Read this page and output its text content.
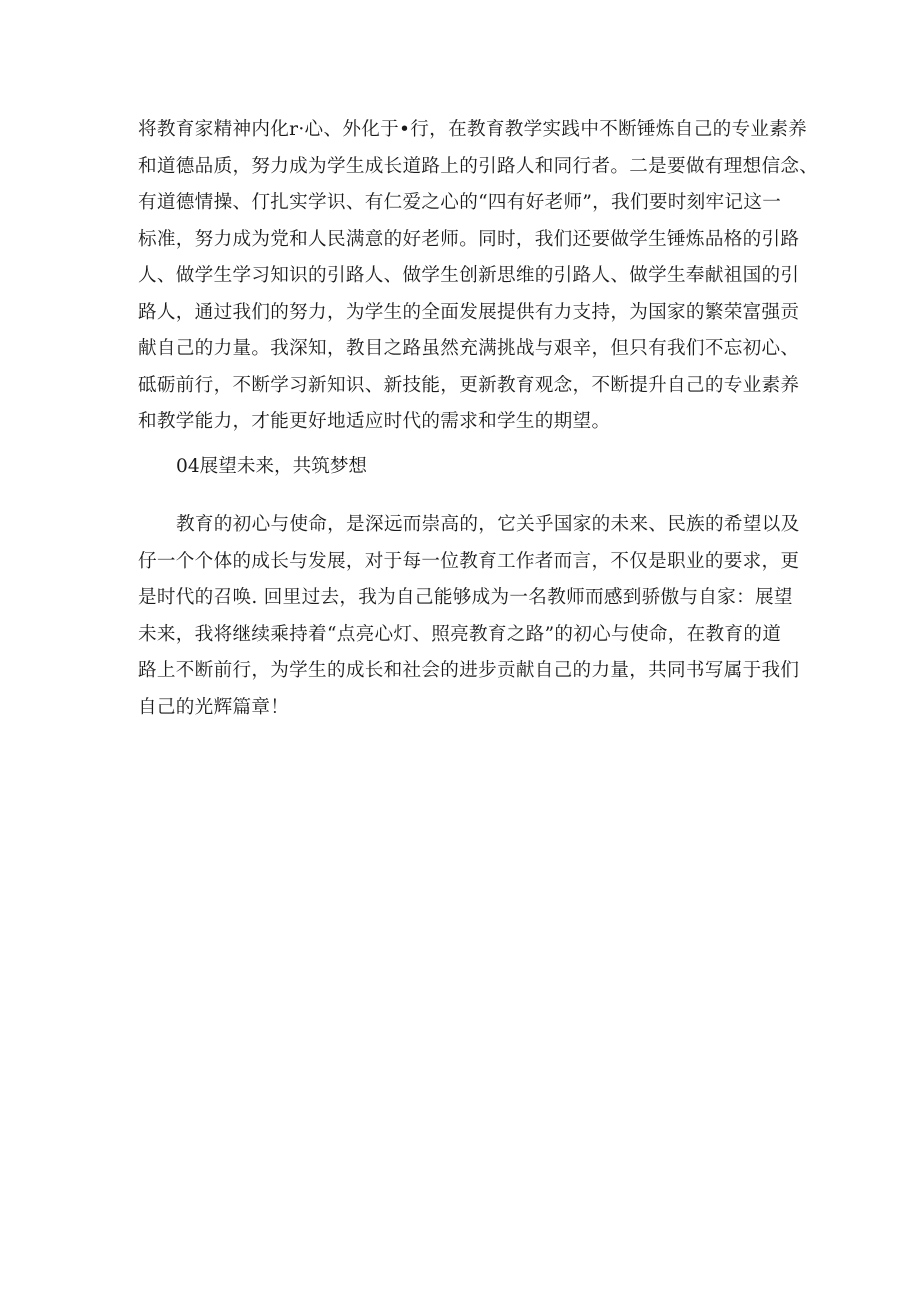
将教育家精神内化r·心、外化于•行，在教育教学实践中不断锤炼自己的专业素养
和道德品质，努力成为学生成长道路上的引路人和同行者。二是要做有理想信念、
有道德情操、仃扎实学识、有仁爱之心的“四有好老师”，我们要时刻牢记这一
标准，努力成为党和人民满意的好老师。同时，我们还要做学生锤炼品格的引路
人、做学生学习知识的引路人、做学生创新思维的引路人、做学生奉献祖国的引
路人，通过我们的努力，为学生的全面发展提供有力支持，为国家的繁荣富强贡
献自己的力量。我深知，教目之路虽然充满挑战与艰辛，但只有我们不忘初心、
砥砺前行，不断学习新知识、新技能，更新教育观念，不断提升自己的专业素养
和教学能力，才能更好地适应时代的需求和学生的期望。
04展望未来，共筑梦想
教育的初心与使命，是深远而崇高的，它关乎国家的未来、民族的希望以及
仔一个个体的成长与发展，对于每一位教育工作者而言，不仅是职业的要求，更
是时代的召唤. 回里过去，我为自己能够成为一名教师而感到骄傲与自家：展望
未来，我将继续乘持着“点亮心灯、照亮教育之路”的初心与使命，在教育的道
路上不断前行，为学生的成长和社会的进步贡献自己的力量，共同书写属于我们
自己的光辉篇章！
